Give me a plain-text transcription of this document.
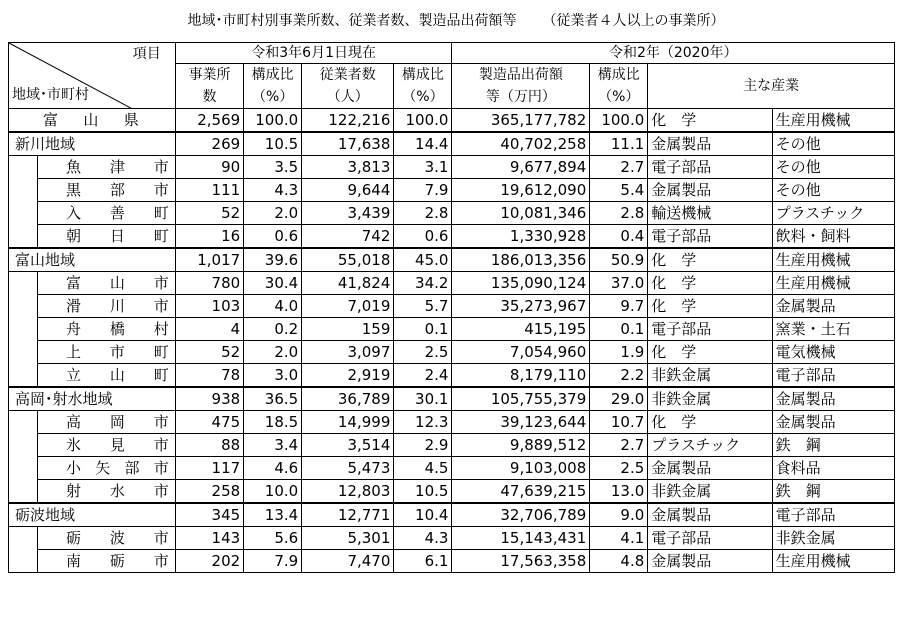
地域･市町村別事業所数、従業者数、製造品出荷額等 （従業者４人以上の事業所）
項目
地域･市町村		令和3年6月1日現在				令和2年（2020年）			
		事業所	構成比	従業者数	構成比	製造品出荷額	構成比	主な産業	
		数	（%）	（人）	（%）	等（万円）	（%）		
富　山　県		2,569	100.0	122,216	100.0	365,177,782	100.0	化　学	生産用機械
新川地域		269	10.5	17,638	14.4	40,702,258	11.1	金属製品	その他
	魚津市	90	3.5	3,813	3.1	9,677,894	2.7	電子部品	その他
	黒部市	111	4.3	9,644	7.9	19,612,090	5.4	金属製品	その他
	入善町	52	2.0	3,439	2.8	10,081,346	2.8	輸送機械	プラスチック
	朝日町	16	0.6	742	0.6	1,330,928	0.4	電子部品	飲料・飼料
富山地域		1,017	39.6	55,018	45.0	186,013,356	50.9	化　学	生産用機械
	富山市	780	30.4	41,824	34.2	135,090,124	37.0	化　学	生産用機械
	滑川市	103	4.0	7,019	5.7	35,273,967	9.7	化　学	金属製品
	舟橋村	4	0.2	159	0.1	415,195	0.1	電子部品	窯業・土石
	上市町	52	2.0	3,097	2.5	7,054,960	1.9	化　学	電気機械
	立山町	78	3.0	2,919	2.4	8,179,110	2.2	非鉄金属	電子部品
高岡･射水地域		938	36.5	36,789	30.1	105,755,379	29.0	非鉄金属	金属製品
	高岡市	475	18.5	14,999	12.3	39,123,644	10.7	化　学	金属製品
	氷見市	88	3.4	3,514	2.9	9,889,512	2.7	プラスチック	鉄　鋼
	小矢部市	117	4.6	5,473	4.5	9,103,008	2.5	金属製品	食料品
	射水市	258	10.0	12,803	10.5	47,639,215	13.0	非鉄金属	鉄　鋼
砺波地域		345	13.4	12,771	10.4	32,706,789	9.0	金属製品	電子部品
	砺波市	143	5.6	5,301	4.3	15,143,431	4.1	電子部品	非鉄金属
	南砺市	202	7.9	7,470	6.1	17,563,358	4.8	金属製品	生産用機械
